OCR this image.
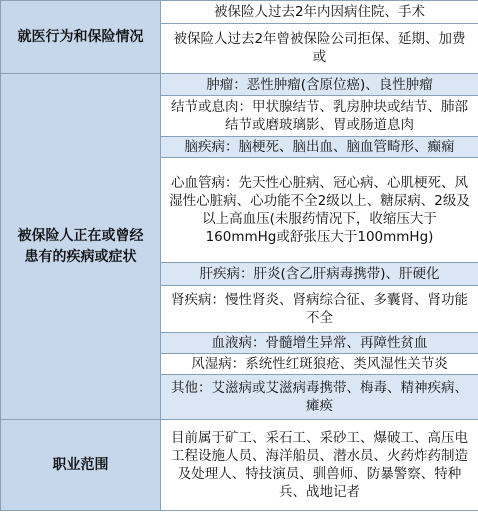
就医行为和保险情况	被保险人过去2年内因病住院、手术
	被保险人过去2年曾被保险公司拒保、延期、加费或
被保险人正在或曾经患有的疾病或症状	肿瘤：恶性肿瘤(含原位癌)、良性肿瘤
	结节或息肉：甲状腺结节、乳房肿块或结节、肺部结节或磨玻璃影、胃或肠道息肉
	脑疾病：脑梗死、脑出血、脑血管畸形、癫痫
	心血管病：先天性心脏病、冠心病、心肌梗死、风湿性心脏病、心功能不全2级以上、糖尿病、2级及以上高血压(未服药情况下，收缩压大于160mmHg或舒张压大于100mmHg)
	肝疾病：肝炎(含乙肝病毒携带)、肝硬化
	肾疾病：慢性肾炎、肾病综合征、多囊肾、肾功能不全
	血液病：骨髓增生异常、再障性贫血
	风湿病：系统性红斑狼疮、类风湿性关节炎
	其他：艾滋病或艾滋病毒携带、梅毒、精神疾病、瘫痪
职业范围	目前属于矿工、采石工、采砂工、爆破工、高压电工程设施人员、海洋船员、潜水员、火药炸药制造及处理人、特技演员、驯兽师、防暴警察、特种兵、战地记者
